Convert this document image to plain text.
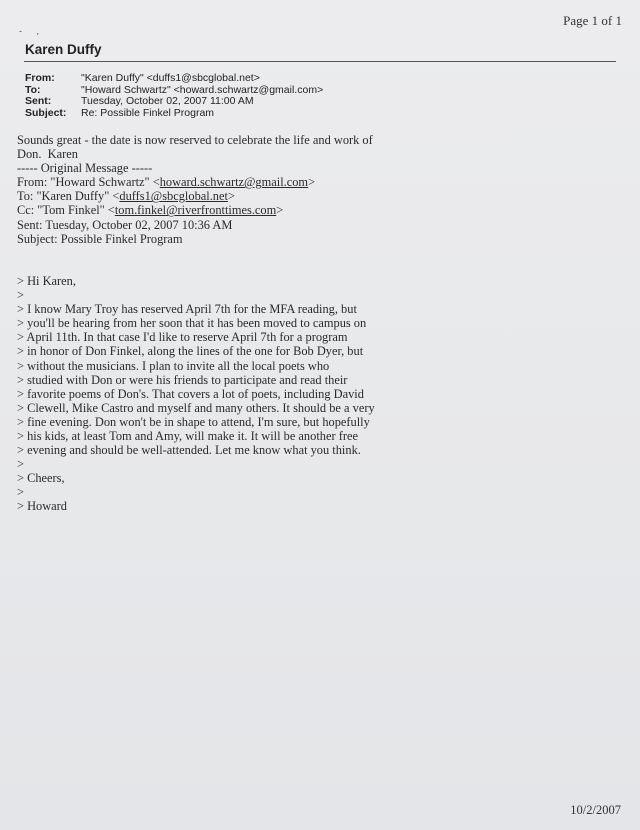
Page 1 of 1
- ,
Karen Duffy
From:	"Karen Duffy" <duffs1@sbcglobal.net>
To:	"Howard Schwartz" <howard.schwartz@gmail.com>
Sent:	Tuesday, October 02, 2007 11:00 AM
Subject:	Re: Possible Finkel Program
Sounds great - the date is now reserved to celebrate the life and work of
Don.  Karen
----- Original Message -----
From: "Howard Schwartz" <howard.schwartz@gmail.com>
To: "Karen Duffy" <duffs1@sbcglobal.net>
Cc: "Tom Finkel" <tom.finkel@riverfronttimes.com>
Sent: Tuesday, October 02, 2007 10:36 AM
Subject: Possible Finkel Program
> Hi Karen,
>
> I know Mary Troy has reserved April 7th for the MFA reading, but
> you'll be hearing from her soon that it has been moved to campus on
> April 11th. In that case I'd like to reserve April 7th for a program
> in honor of Don Finkel, along the lines of the one for Bob Dyer, but
> without the musicians. I plan to invite all the local poets who
> studied with Don or were his friends to participate and read their
> favorite poems of Don's. That covers a lot of poets, including David
> Clewell, Mike Castro and myself and many others. It should be a very
> fine evening. Don won't be in shape to attend, I'm sure, but hopefully
> his kids, at least Tom and Amy, will make it. It will be another free
> evening and should be well-attended. Let me know what you think.
>
> Cheers,
>
> Howard
10/2/2007
